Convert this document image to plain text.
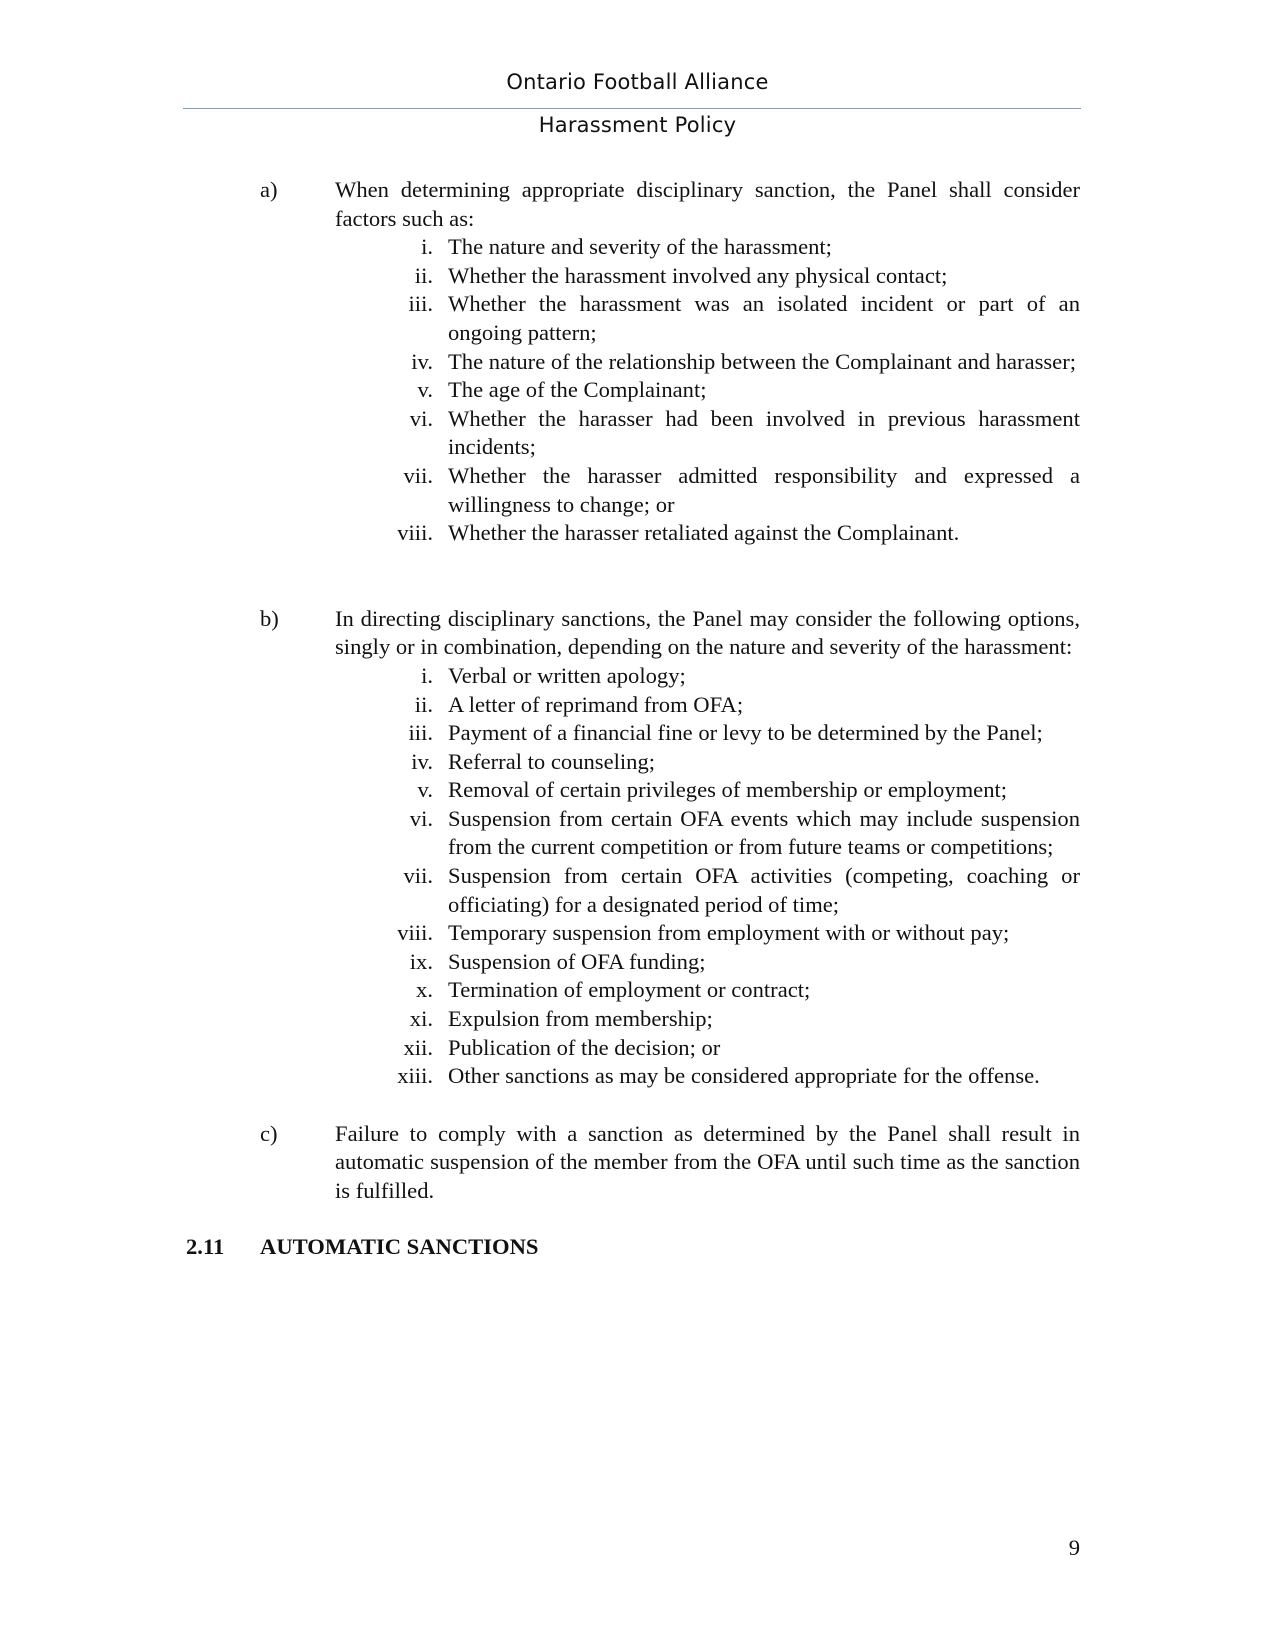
Ontario Football Alliance
Harassment Policy
a)	When determining appropriate disciplinary sanction, the Panel shall consider factors such as:
i. The nature and severity of the harassment;
ii. Whether the harassment involved any physical contact;
iii. Whether the harassment was an isolated incident or part of an ongoing pattern;
iv. The nature of the relationship between the Complainant and harasser;
v. The age of the Complainant;
vi. Whether the harasser had been involved in previous harassment incidents;
vii. Whether the harasser admitted responsibility and expressed a willingness to change; or
viii. Whether the harasser retaliated against the Complainant.
b) In directing disciplinary sanctions, the Panel may consider the following options, singly or in combination, depending on the nature and severity of the harassment:
i. Verbal or written apology;
ii. A letter of reprimand from OFA;
iii. Payment of a financial fine or levy to be determined by the Panel;
iv. Referral to counseling;
v. Removal of certain privileges of membership or employment;
vi. Suspension from certain OFA events which may include suspension from the current competition or from future teams or competitions;
vii. Suspension from certain OFA activities (competing, coaching or officiating) for a designated period of time;
viii. Temporary suspension from employment with or without pay;
ix. Suspension of OFA funding;
x. Termination of employment or contract;
xi. Expulsion from membership;
xii. Publication of the decision; or
xiii. Other sanctions as may be considered appropriate for the offense.
c)	Failure to comply with a sanction as determined by the Panel shall result in automatic suspension of the member from the OFA until such time as the sanction is fulfilled.
2.11 AUTOMATIC SANCTIONS
9
